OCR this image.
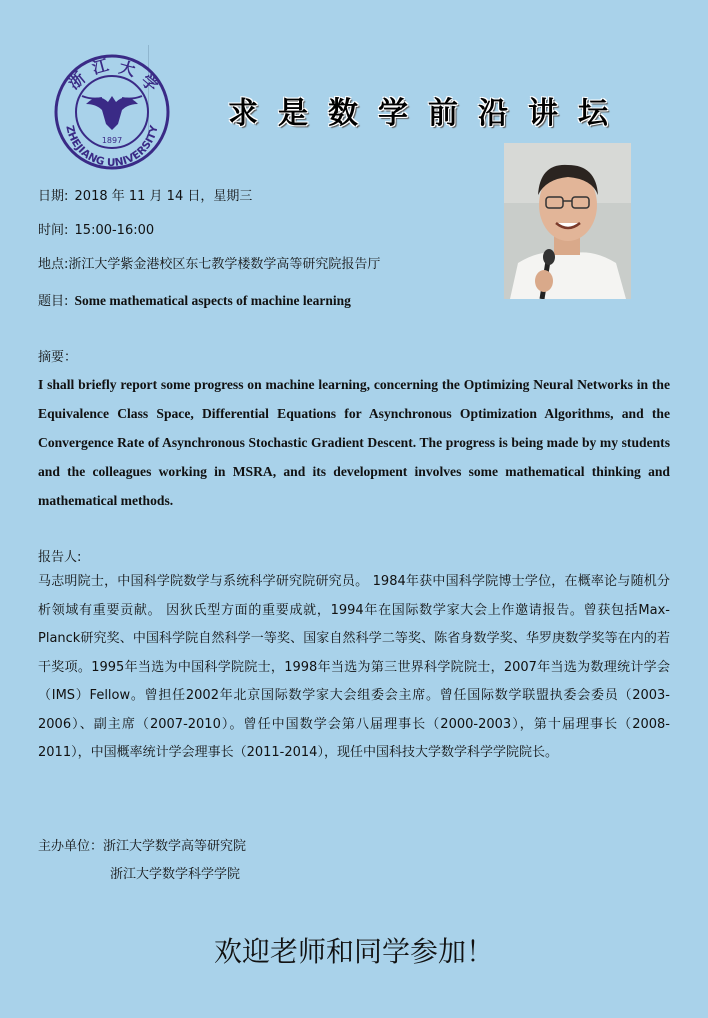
1897
浙
江 大
学
ZHEJIANG UNIVERSITY 求是数学前沿讲坛
日期: 2018 年 11 月 14 日，星期三
时间: 15:00-16:00
地点:浙江大学紫金港校区东七教学楼数学高等研究院报告厅
题目: Some mathematical aspects of machine learning
摘要：
I shall briefly report some progress on machine learning, concerning the Optimizing Neural Networks in the Equivalence Class Space, Differential Equations for Asynchronous Optimization Algorithms, and the Convergence Rate of Asynchronous Stochastic Gradient Descent. The progress is being made by my students and the colleagues working in MSRA, and its development involves some mathematical thinking and mathematical methods.
报告人:
马志明院士，中国科学院数学与系统科学研究院研究员。 1984年获中国科学院博士学位，在概率论与随机分析领域有重要贡献。 因狄氏型方面的重要成就，1994年在国际数学家大会上作邀请报告。曾获包括Max-Planck研究奖、中国科学院自然科学一等奖、国家自然科学二等奖、陈省身数学奖、华罗庚数学奖等在内的若干奖项。1995年当选为中国科学院院士，1998年当选为第三世界科学院院士，2007年当选为数理统计学会（IMS）Fellow。曾担任2002年北京国际数学家大会组委会主席。曾任国际数学联盟执委会委员（2003-2006）、副主席（2007-2010）。曾任中国数学会第八届理事长（2000-2003），第十届理事长（2008-2011），中国概率统计学会理事长（2011-2014），现任中国科技大学数学科学学院院长。
主办单位：浙江大学数学高等研究院
浙江大学数学科学学院
欢迎老师和同学参加！
